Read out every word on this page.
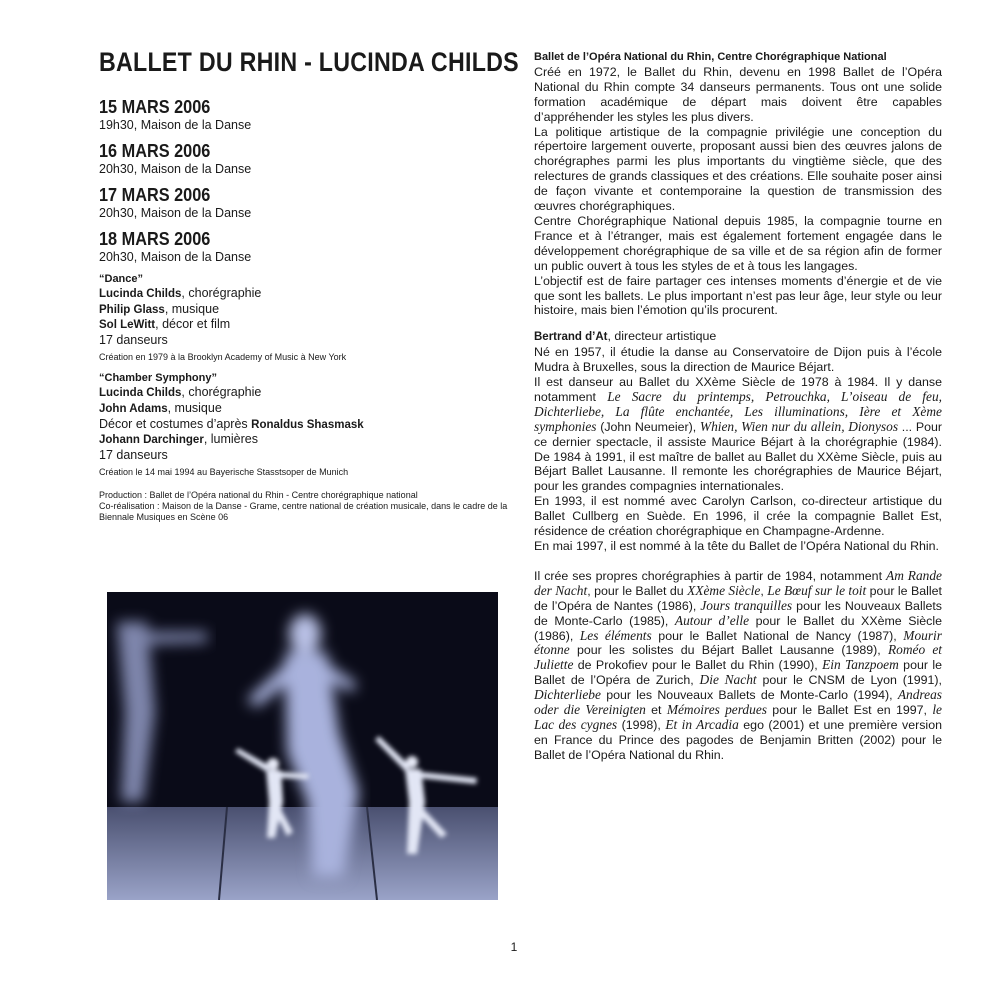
BALLET DU RHIN - LUCINDA CHILDS

15 MARS 2006

19h30, Maison de la Danse

16 MARS 2006

20h30, Maison de la Danse

17 MARS 2006

20h30, Maison de la Danse

18 MARS 2006

20h30, Maison de la Danse

“Dance”

Lucinda Childs, chorégraphie

Philip Glass, musique

Sol LeWitt, décor et film

17 danseurs

Création en 1979 à la Brooklyn Academy of Music à New York

“Chamber Symphony”

Lucinda Childs, chorégraphie

John Adams, musique

Décor et costumes d’après Ronaldus Shasmask

Johann Darchinger, lumières

17 danseurs

Création le 14 mai 1994 au Bayerische Stasstsoper de Munich

Production : Ballet de l’Opéra national du Rhin - Centre chorégraphique national

Co-réalisation : Maison de la Danse - Grame, centre national de création musicale, dans le cadre de la Biennale Musiques en Scène 06

Ballet de l’Opéra National du Rhin, Centre Chorégraphique National

Créé en 1972, le Ballet du Rhin, devenu en 1998 Ballet de l’Opéra National du Rhin compte 34 danseurs permanents. Tous ont une solide formation académique de départ mais doivent être capables d’appréhender les styles les plus divers.

La politique artistique de la compagnie privilégie une conception du répertoire largement ouverte, proposant aussi bien des œuvres jalons de chorégraphes parmi les plus importants du vingtième siècle, que des relectures de grands classiques et des créations. Elle souhaite poser ainsi de façon vivante et contemporaine la question de transmission des œuvres chorégraphiques.

Centre Chorégraphique National depuis 1985, la compagnie tourne en France et à l’étranger, mais est également fortement engagée dans le développement chorégraphique de sa ville et de sa région afin de former un public ouvert à tous les styles de et à tous les langages.

L’objectif est de faire partager ces intenses moments d’énergie et de vie que sont les ballets. Le plus important n’est pas leur âge, leur style ou leur histoire, mais bien l’émotion qu’ils procurent.

Bertrand d’At, directeur artistique

Né en 1957, il étudie la danse au Conservatoire de Dijon puis à l’école Mudra à Bruxelles, sous la direction de Maurice Béjart.

Il est danseur au Ballet du XXème Siècle de 1978 à 1984. Il y danse notamment Le Sacre du printemps, Petrouchka, L’oiseau de feu, Dichterliebe, La flûte enchantée, Les illuminations, Ière et Xème symphonies (John Neumeier), Whien, Wien nur du allein, Dionysos ... Pour ce dernier spectacle, il assiste Maurice Béjart à la chorégraphie (1984). De 1984 à 1991, il est maître de ballet au Ballet du XXème Siècle, puis au Béjart Ballet Lausanne. Il remonte les chorégraphies de Maurice Béjart, pour les grandes compagnies internationales.

En 1993, il est nommé avec Carolyn Carlson, co-directeur artistique du Ballet Cullberg en Suède. En 1996, il crée la compagnie Ballet Est, résidence de création chorégraphique en Champagne-Ardenne.

En mai 1997, il est nommé à la tête du Ballet de l’Opéra National du Rhin.

Il crée ses propres chorégraphies à partir de 1984, notamment Am Rande der Nacht, pour le Ballet du XXème Siècle, Le Bœuf sur le toit pour le Ballet de l’Opéra de Nantes (1986), Jours tranquilles pour les Nouveaux Ballets de Monte-Carlo (1985), Autour d’elle pour le Ballet du XXème Siècle (1986), Les éléments pour le Ballet National de Nancy (1987), Mourir étonne pour les solistes du Béjart Ballet Lausanne (1989), Roméo et Juliette de Prokofiev pour le Ballet du Rhin (1990), Ein Tanzpoem pour le Ballet de l’Opéra de Zurich, Die Nacht pour le CNSM de Lyon (1991), Dichterliebe pour les Nouveaux Ballets de Monte-Carlo (1994), Andreas oder die Vereinigten et Mémoires perdues pour le Ballet Est en 1997, le Lac des cygnes (1998), Et in Arcadia ego (2001) et une première version en France du Prince des pagodes de Benjamin Britten (2002) pour le Ballet de l’Opéra National du Rhin.

1
